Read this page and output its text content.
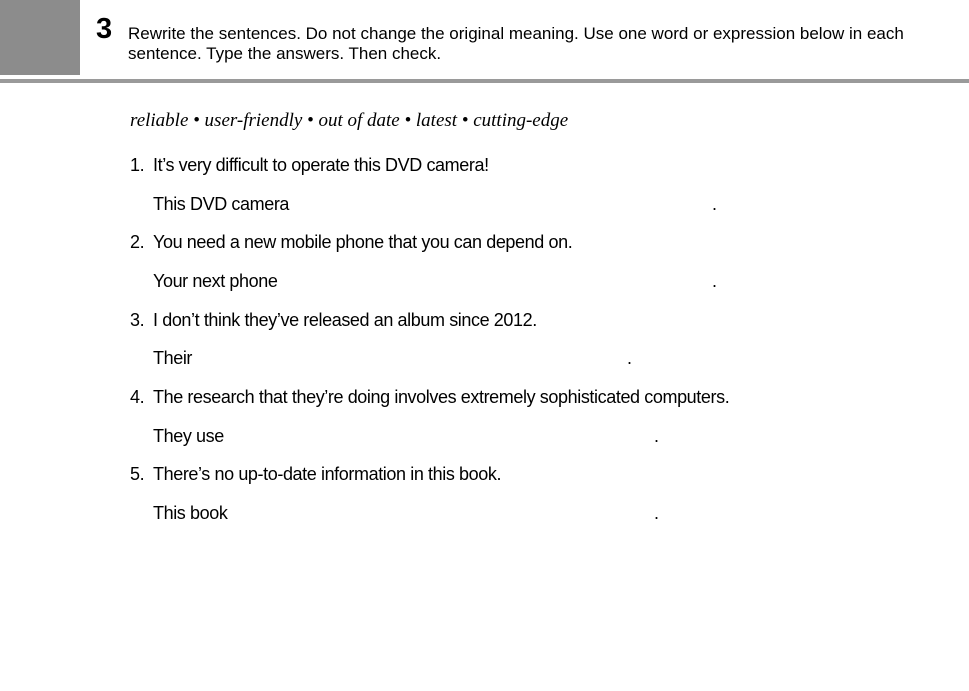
3 Rewrite the sentences. Do not change the original meaning. Use one word or expression below in each sentence. Type the answers. Then check.
reliable • user-friendly • out of date • latest • cutting-edge
1. It’s very difficult to operate this DVD camera!
This DVD camera	.
2. You need a new mobile phone that you can depend on.
Your next phone	.
3. I don’t think they’ve released an album since 2012.
Their	.
4. The research that they’re doing involves extremely sophisticated computers.
They use	.
5. There’s no up-to-date information in this book.
This book	.
